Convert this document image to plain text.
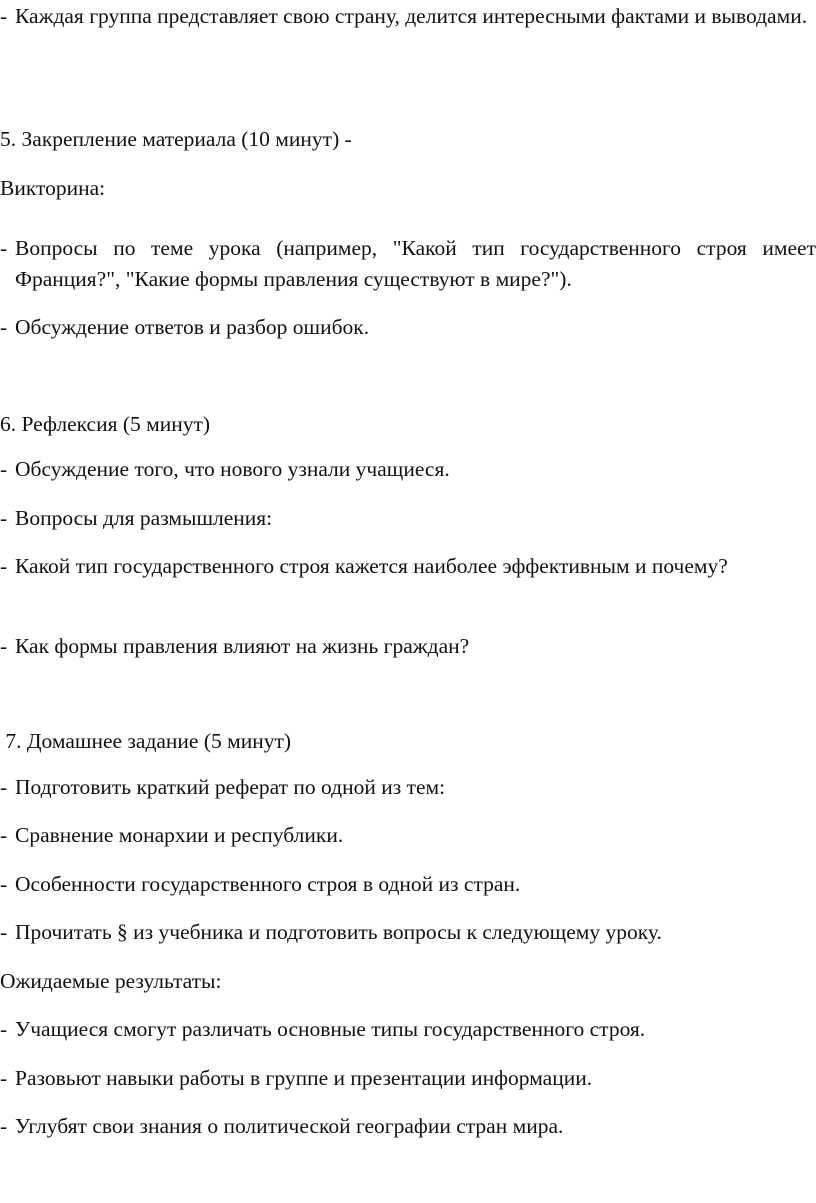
- Каждая группа представляет свою страну, делится интересными фактами и выводами.
5. Закрепление материала (10 минут) -
Викторина:
- Вопросы по теме урока (например, "Какой тип государственного строя имеет Франция?", "Какие формы правления существуют в мире?").
- Обсуждение ответов и разбор ошибок.
6. Рефлексия (5 минут)
- Обсуждение того, что нового узнали учащиеся.
- Вопросы для размышления:
- Какой тип государственного строя кажется наиболее эффективным и почему?
- Как формы правления влияют на жизнь граждан?
7. Домашнее задание (5 минут)
- Подготовить краткий реферат по одной из тем:
- Сравнение монархии и республики.
- Особенности государственного строя в одной из стран.
- Прочитать § из учебника и подготовить вопросы к следующему уроку.
Ожидаемые результаты:
- Учащиеся смогут различать основные типы государственного строя.
- Разовьют навыки работы в группе и презентации информации.
- Углубят свои знания о политической географии стран мира.
